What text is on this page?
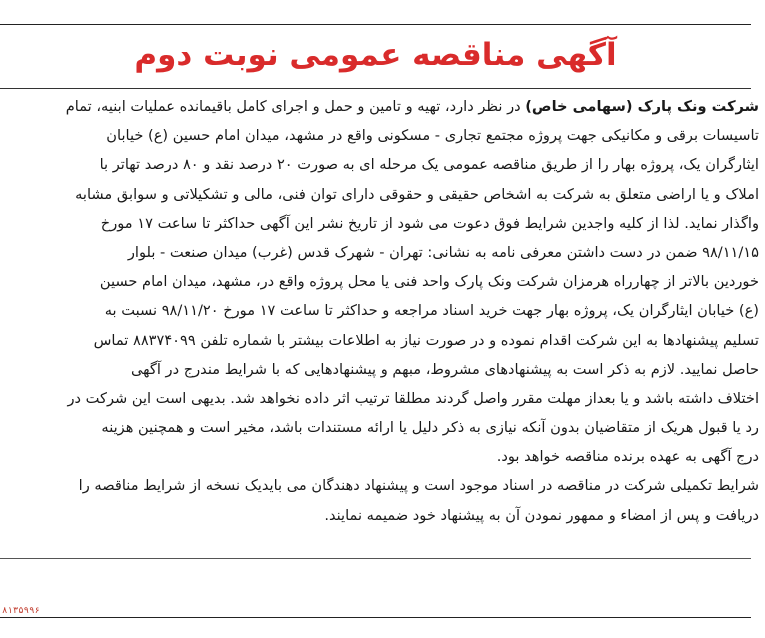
آگهی مناقصه عمومی نوبت دوم
شرکت ونک پارک (سهامی خاص) در نظر دارد، تهیه و تامین و حمل و اجرای کامل باقیمانده عملیات ابنیه، تمام
تاسیسات برقی و مکانیکی جهت پروژه مجتمع تجاری - مسکونی واقع در مشهد، میدان امام حسین (ع) خیابان
ایثارگران یک، پروژه بهار را از طریق مناقصه عمومی یک مرحله ای به صورت ۲۰ درصد نقد و ۸۰ درصد تهاتر با
املاک و یا اراضی متعلق به شرکت به اشخاص حقیقی و حقوقی دارای توان فنی، مالی و تشکیلاتی و سوابق مشابه
واگذار نماید. لذا از کلیه واجدین شرایط فوق دعوت می شود از تاریخ نشر این آگهی حداکثر تا ساعت ۱۷ مورخ
۹۸/۱۱/۱۵ ضمن در دست داشتن معرفی نامه به نشانی: تهران - شهرک قدس (غرب) میدان صنعت - بلوار
خوردین بالاتر از چهارراه هرمزان شرکت ونک پارک واحد فنی یا محل پروژه واقع در، مشهد، میدان امام حسین
(ع) خیابان ایثارگران یک، پروژه بهار جهت خرید اسناد مراجعه و حداکثر تا ساعت ۱۷ مورخ ۹۸/۱۱/۲۰ نسبت به
تسلیم پیشنهادها به این شرکت اقدام نموده و در صورت نیاز به اطلاعات بیشتر با شماره تلفن ۸۸۳۷۴۰۹۹ تماس
حاصل نمایید. لازم به ذکر است به پیشنهادهای مشروط، مبهم و پیشنهادهایی که با شرایط مندرج در آگهی
اختلاف داشته باشد و یا بعداز مهلت مقرر واصل گردند مطلقا ترتیب اثر داده نخواهد شد. بدیهی است این شرکت در
رد یا قبول هریک از متقاضیان بدون آنکه نیازی به ذکر دلیل یا ارائه مستندات باشد، مخیر است و همچنین هزینه
درج آگهی به عهده برنده مناقصه خواهد بود.
شرایط تکمیلی شرکت در مناقصه در اسناد موجود است و پیشنهاد دهندگان می بایدیک نسخه از شرایط مناقصه را
دریافت و پس از امضاء و ممهور نمودن آن به پیشنهاد خود ضمیمه نمایند.
۸۱۳۵۹۹۶
